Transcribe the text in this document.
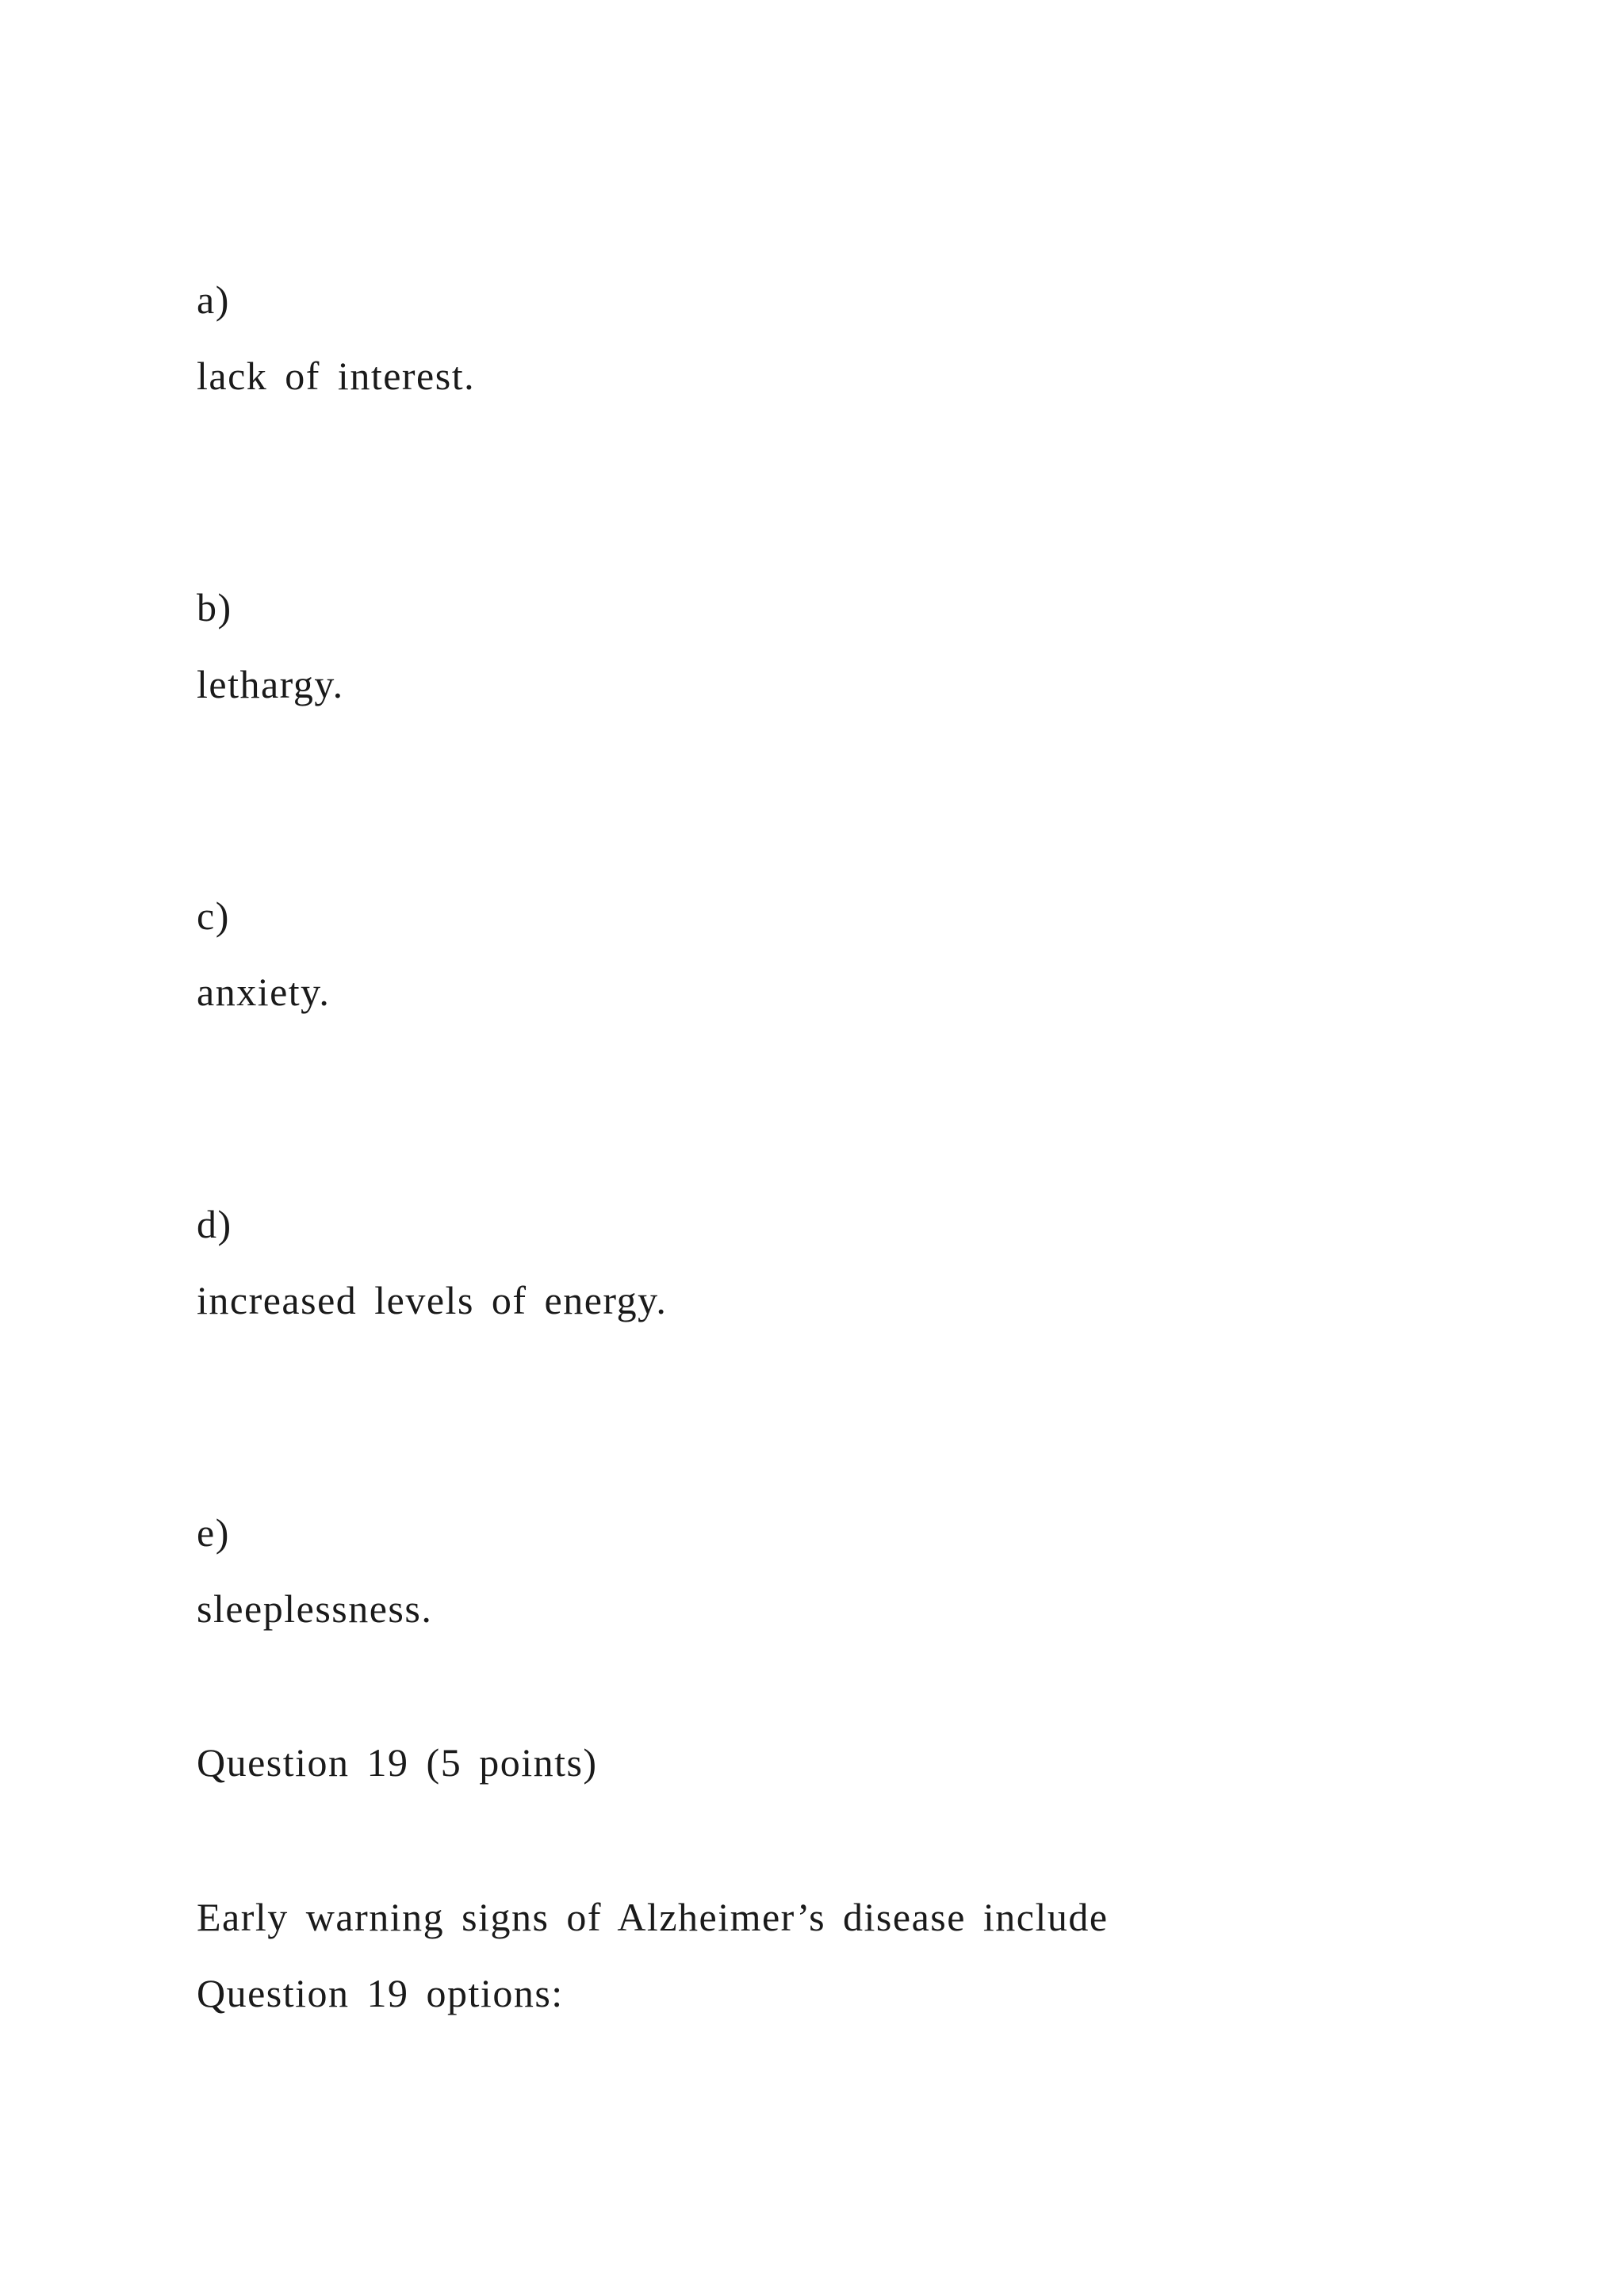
a)
lack of interest.
b)
lethargy.
c)
anxiety.
d)
increased levels of energy.
e)
sleeplessness.
Question 19 (5 points)
Early warning signs of Alzheimer’s disease include
Question 19 options:
